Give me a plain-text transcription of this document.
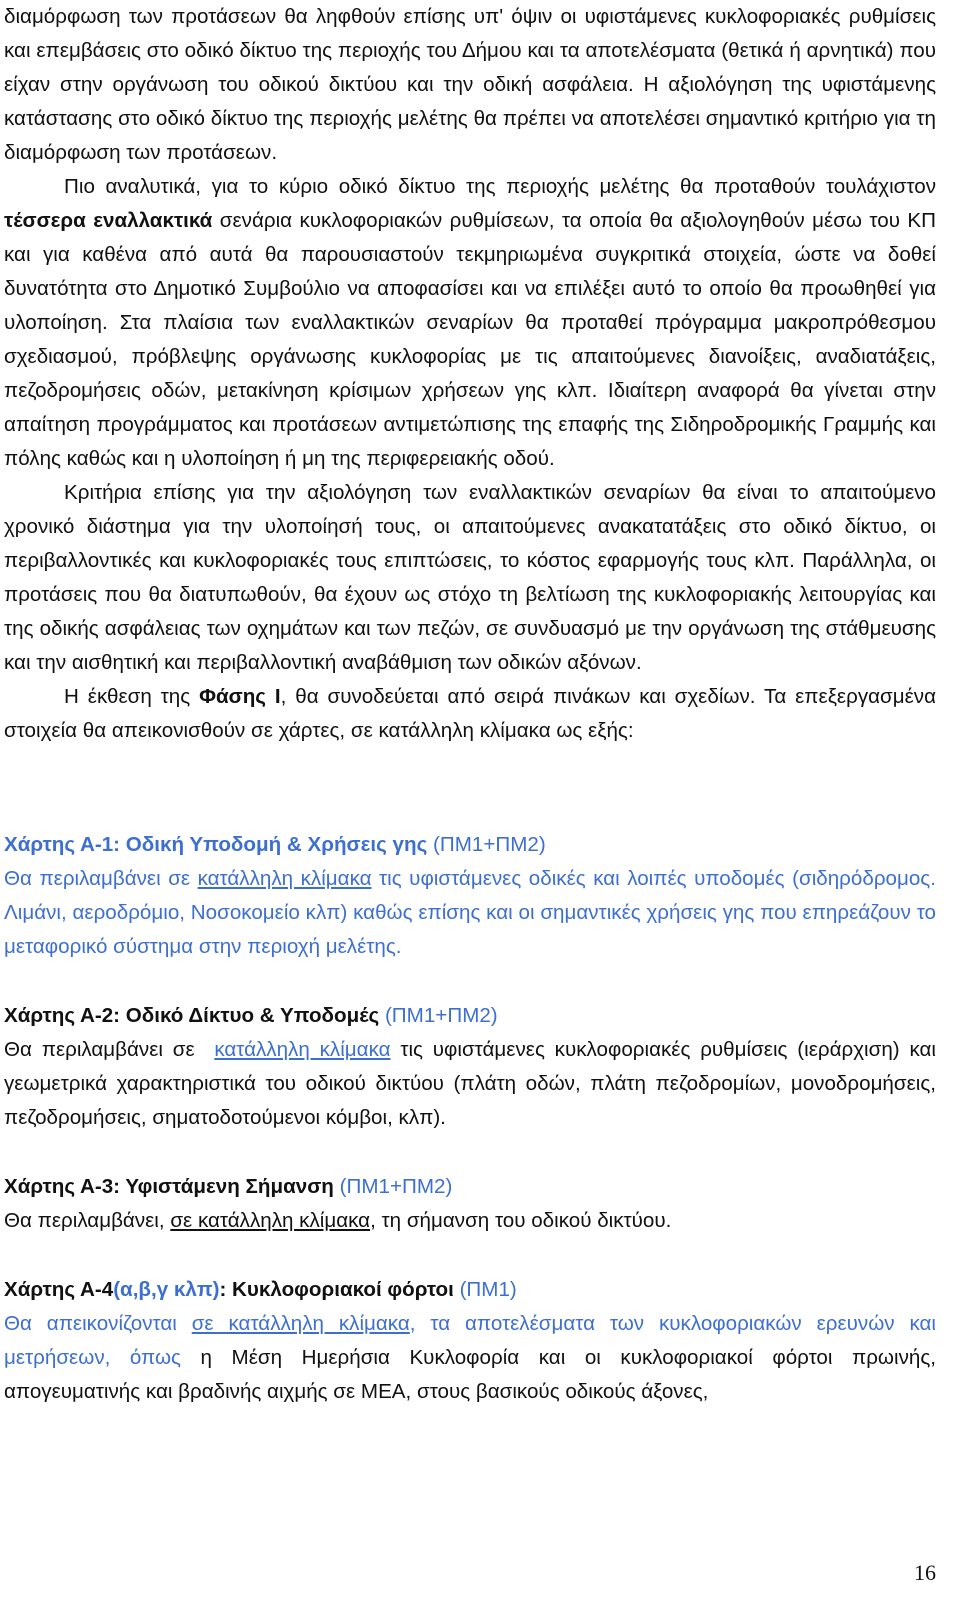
διαμόρφωση των προτάσεων θα ληφθούν επίσης υπ' όψιν οι υφιστάμενες κυκλοφοριακές ρυθμίσεις και επεμβάσεις στο οδικό δίκτυο της περιοχής του Δήμου και τα αποτελέσματα (θετικά ή αρνητικά) που είχαν στην οργάνωση του οδικού δικτύου και την οδική ασφάλεια. Η αξιολόγηση της υφιστάμενης κατάστασης στο οδικό δίκτυο της περιοχής μελέτης θα πρέπει να αποτελέσει σημαντικό κριτήριο για τη διαμόρφωση των προτάσεων.

Πιο αναλυτικά, για το κύριο οδικό δίκτυο της περιοχής μελέτης θα προταθούν τουλάχιστον τέσσερα εναλλακτικά σενάρια κυκλοφοριακών ρυθμίσεων, τα οποία θα αξιολογηθούν μέσω του ΚΠ και για καθένα από αυτά θα παρουσιαστούν τεκμηριωμένα συγκριτικά στοιχεία, ώστε να δοθεί δυνατότητα στο Δημοτικό Συμβούλιο να αποφασίσει και να επιλέξει αυτό το οποίο θα προωθηθεί για υλοποίηση. Στα πλαίσια των εναλλακτικών σεναρίων θα προταθεί πρόγραμμα μακροπρόθεσμου σχεδιασμού, πρόβλεψης οργάνωσης κυκλοφορίας με τις απαιτούμενες διανοίξεις, αναδιατάξεις, πεζοδρομήσεις οδών, μετακίνηση κρίσιμων χρήσεων γης κλπ. Ιδιαίτερη αναφορά θα γίνεται στην απαίτηση προγράμματος και προτάσεων αντιμετώπισης της επαφής της Σιδηροδρομικής Γραμμής και πόλης καθώς και η υλοποίηση ή μη της περιφερειακής οδού.

Κριτήρια επίσης για την αξιολόγηση των εναλλακτικών σεναρίων θα είναι το απαιτούμενο χρονικό διάστημα για την υλοποίησή τους, οι απαιτούμενες ανακατατάξεις στο οδικό δίκτυο, οι περιβαλλοντικές και κυκλοφοριακές τους επιπτώσεις, το κόστος εφαρμογής τους κλπ. Παράλληλα, οι προτάσεις που θα διατυπωθούν, θα έχουν ως στόχο τη βελτίωση της κυκλοφοριακής λειτουργίας και της οδικής ασφάλειας των οχημάτων και των πεζών, σε συνδυασμό με την οργάνωση της στάθμευσης και την αισθητική και περιβαλλοντική αναβάθμιση των οδικών αξόνων.

Η έκθεση της Φάσης Ι, θα συνοδεύεται από σειρά πινάκων και σχεδίων. Τα επεξεργασμένα στοιχεία θα απεικονισθούν σε χάρτες, σε κατάλληλη κλίμακα ως εξής:

Χάρτης Α-1: Οδική Υποδομή & Χρήσεις γης (ΠΜ1+ΠΜ2)

Θα περιλαμβάνει σε κατάλληλη κλίμακα τις υφιστάμενες οδικές και λοιπές υποδομές (σιδηρόδρομος. Λιμάνι, αεροδρόμιο, Νοσοκομείο κλπ) καθώς επίσης και οι σημαντικές χρήσεις γης που επηρεάζουν το μεταφορικό σύστημα στην περιοχή μελέτης.

Χάρτης Α-2: Οδικό Δίκτυο & Υποδομές (ΠΜ1+ΠΜ2)

Θα περιλαμβάνει σε κατάλληλη κλίμακα τις υφιστάμενες κυκλοφοριακές ρυθμίσεις (ιεράρχιση) και γεωμετρικά χαρακτηριστικά του οδικού δικτύου (πλάτη οδών, πλάτη πεζοδρομίων, μονοδρομήσεις, πεζοδρομήσεις, σηματοδοτούμενοι κόμβοι, κλπ).

Χάρτης Α-3: Υφιστάμενη Σήμανση (ΠΜ1+ΠΜ2)

Θα περιλαμβάνει, σε κατάλληλη κλίμακα, τη σήμανση του οδικού δικτύου.

Χάρτης Α-4(α,β,γ κλπ): Κυκλοφοριακοί φόρτοι (ΠΜ1)

Θα απεικονίζονται σε κατάλληλη κλίμακα, τα αποτελέσματα των κυκλοφοριακών ερευνών και μετρήσεων, όπως η Μέση Ημερήσια Κυκλοφορία και οι κυκλοφοριακοί φόρτοι πρωινής, απογευματινής και βραδινής αιχμής σε ΜΕΑ, στους βασικούς οδικούς άξονες,

16
